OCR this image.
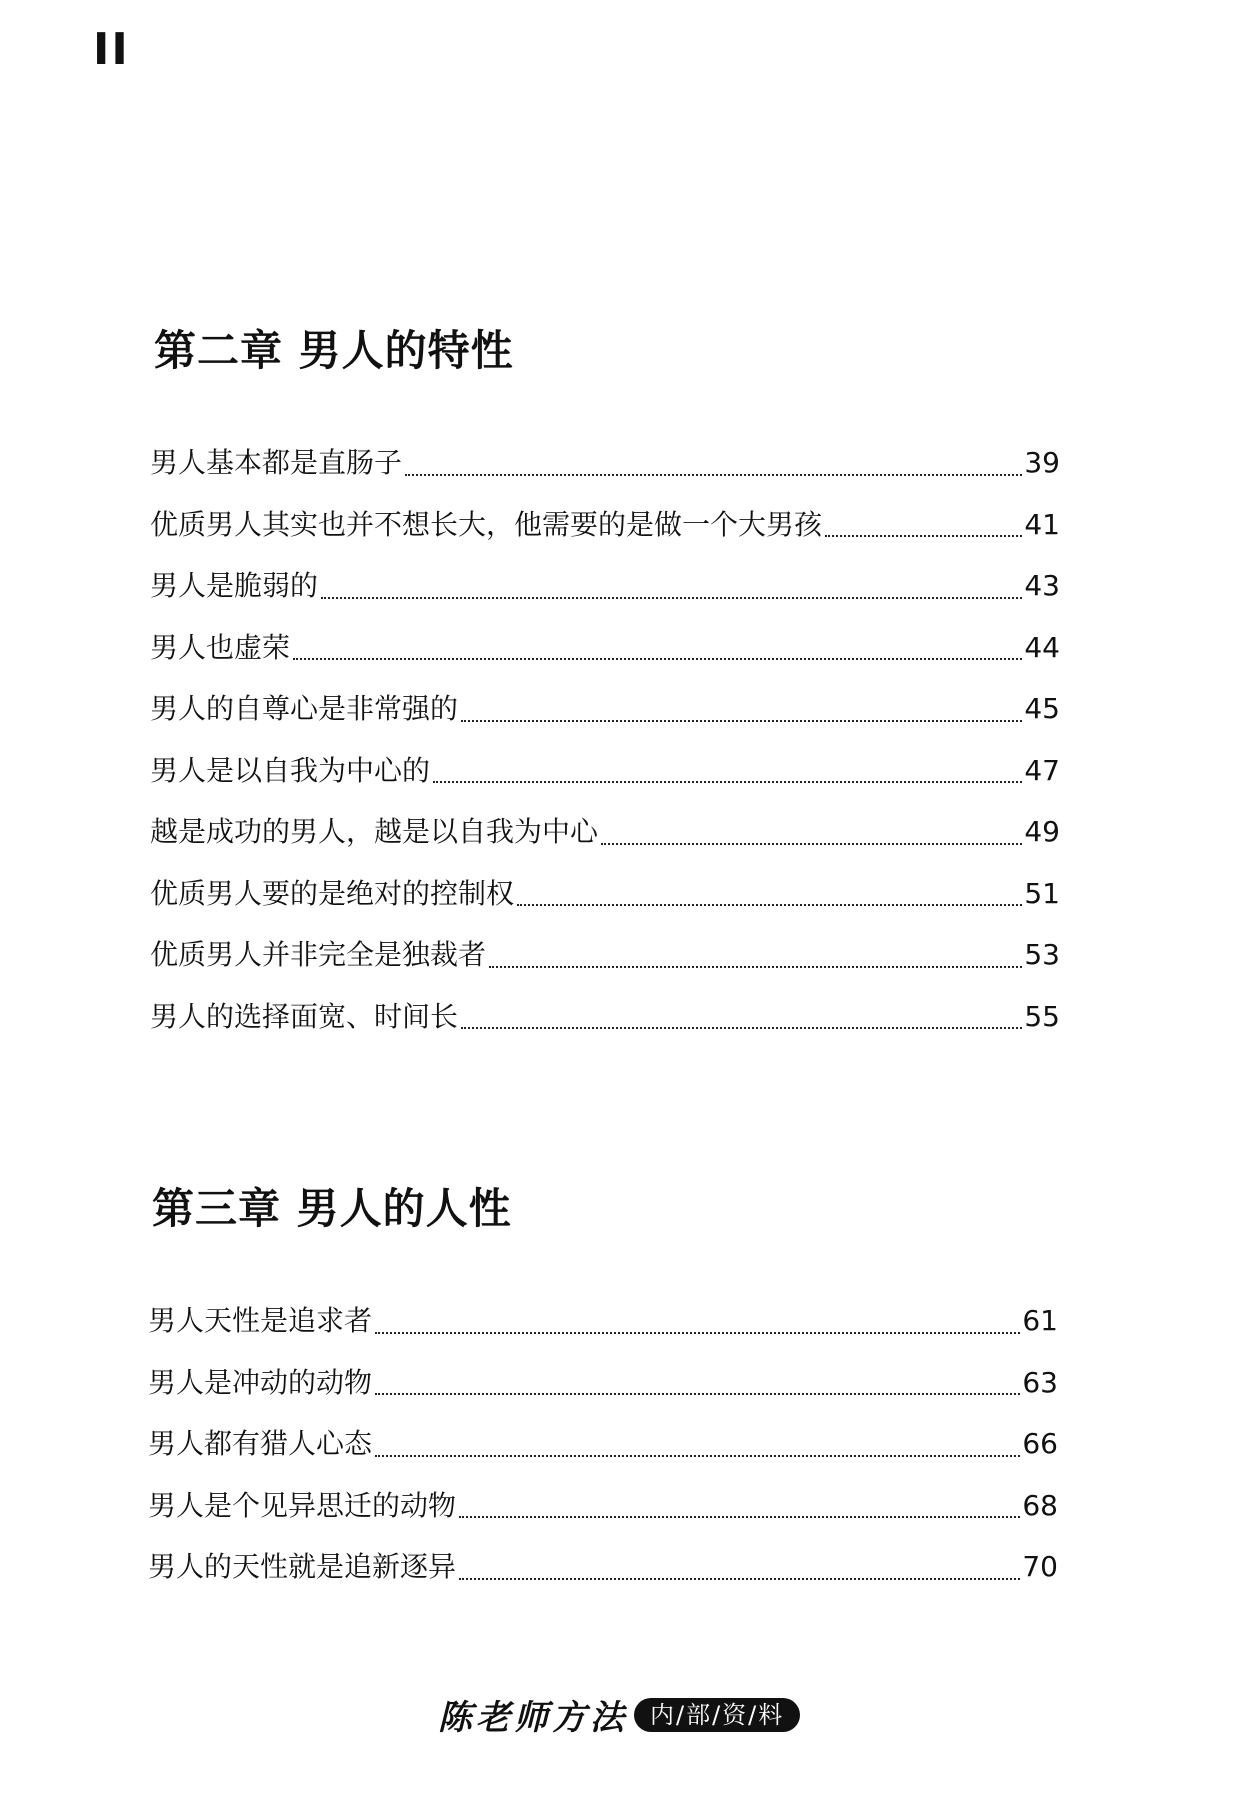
II
第二章 男人的特性
男人基本都是直肠子	39
优质男人其实也并不想长大，他需要的是做一个大男孩	41
男人是脆弱的	43
男人也虚荣	44
男人的自尊心是非常强的	45
男人是以自我为中心的	47
越是成功的男人，越是以自我为中心	49
优质男人要的是绝对的控制权	51
优质男人并非完全是独裁者	53
男人的选择面宽、时间长	55
第三章 男人的人性
男人天性是追求者	61
男人是冲动的动物	63
男人都有猎人心态	66
男人是个见异思迁的动物	68
男人的天性就是追新逐异	70
陈老师方法 内/部/资/料
